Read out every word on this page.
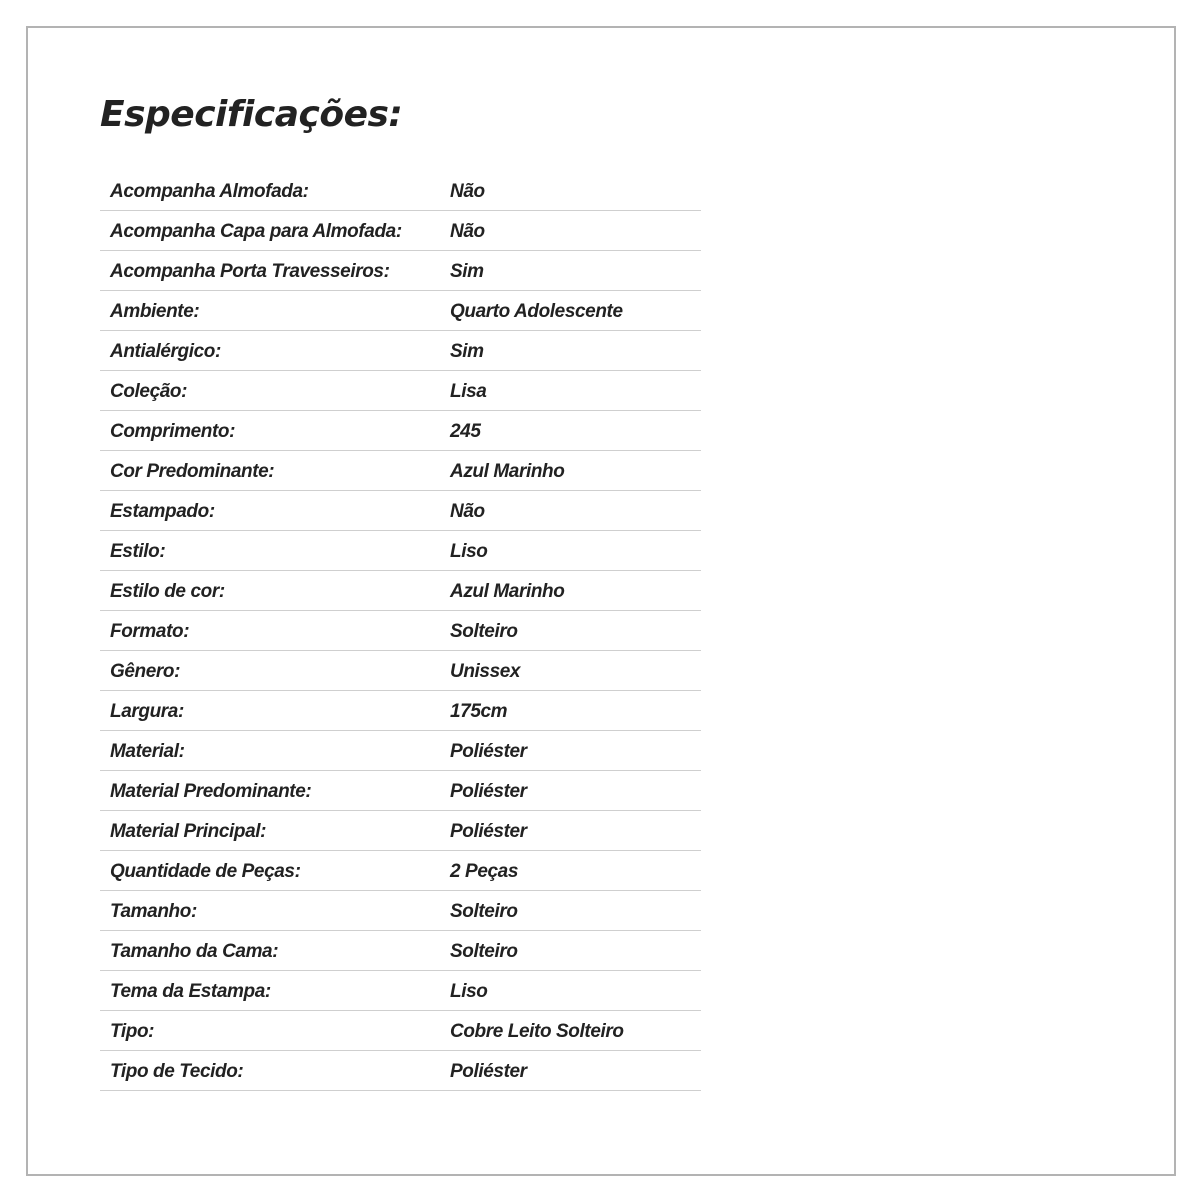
Especificações:
Acompanha Almofada:	Não
Acompanha Capa para Almofada:	Não
Acompanha Porta Travesseiros:	Sim
Ambiente:	Quarto Adolescente
Antialérgico:	Sim
Coleção:	Lisa
Comprimento:	245
Cor Predominante:	Azul Marinho
Estampado:	Não
Estilo:	Liso
Estilo de cor:	Azul Marinho
Formato:	Solteiro
Gênero:	Unissex
Largura:	175cm
Material:	Poliéster
Material Predominante:	Poliéster
Material Principal:	Poliéster
Quantidade de Peças:	2 Peças
Tamanho:	Solteiro
Tamanho da Cama:	Solteiro
Tema da Estampa:	Liso
Tipo:	Cobre Leito Solteiro
Tipo de Tecido:	Poliéster
